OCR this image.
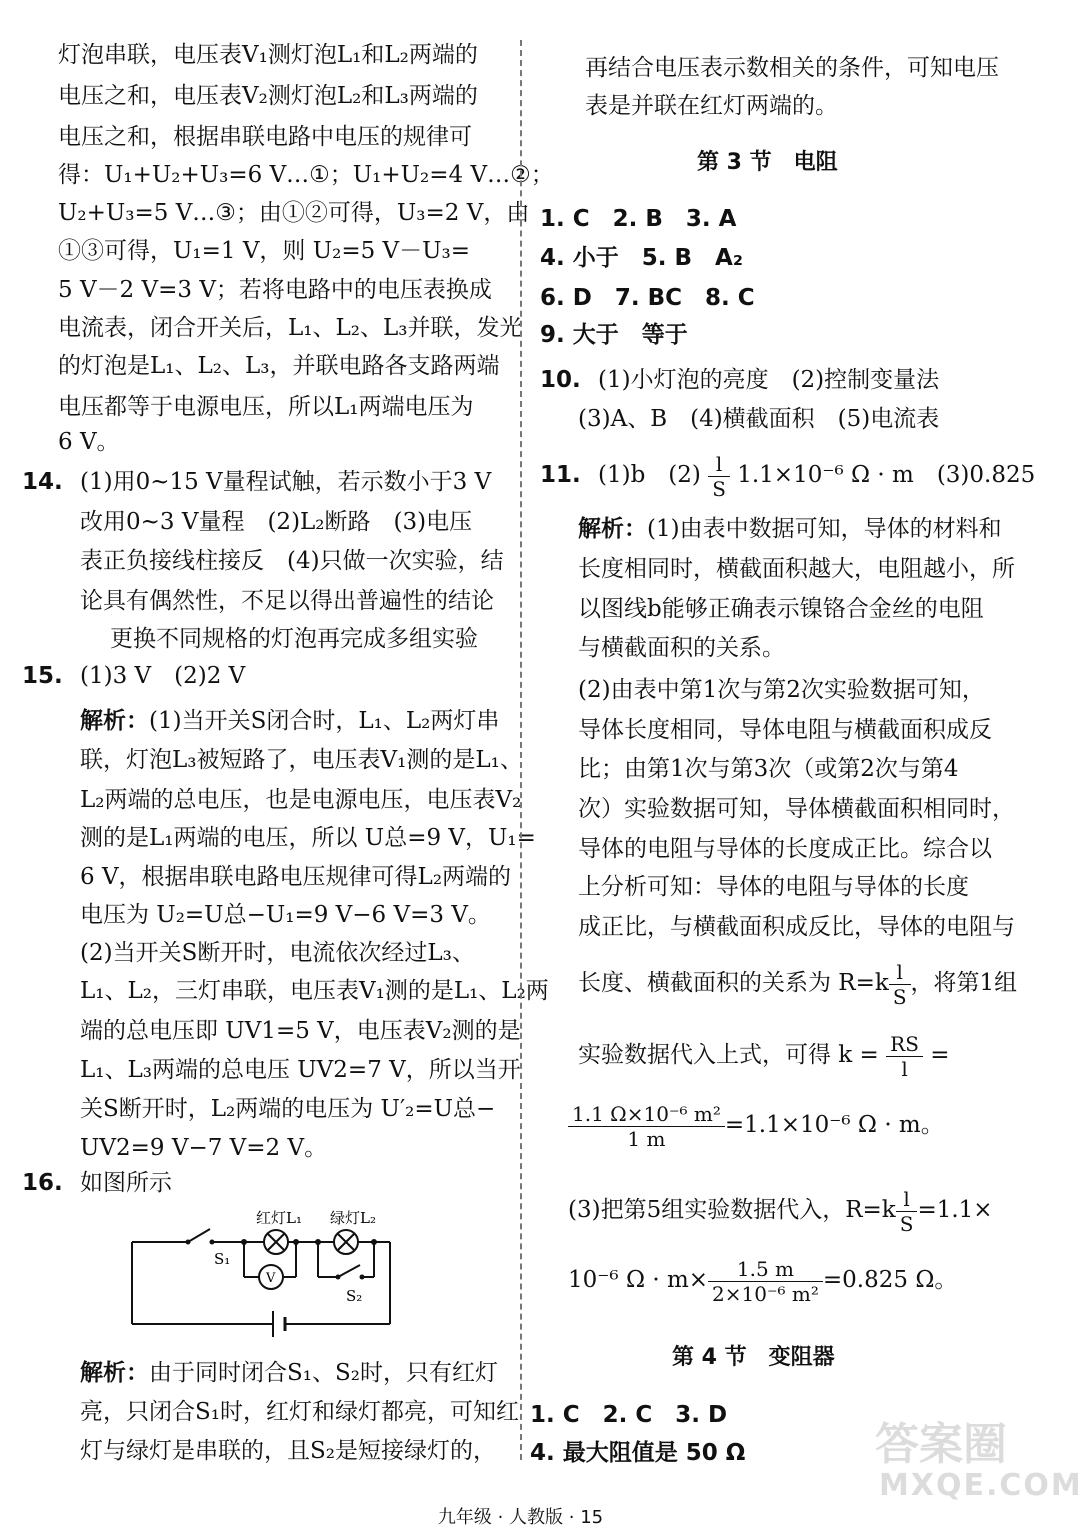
灯泡串联，电压表V₁测灯泡L₁和L₂两端的
电压之和，电压表V₂测灯泡L₂和L₃两端的
电压之和，根据串联电路中电压的规律可
得：U₁+U₂+U₃=6 V…①；U₁+U₂=4 V…②；
U₂+U₃=5 V…③；由①②可得，U₃=2 V，由
①③可得，U₁=1 V，则 U₂=5 V－U₃=
5 V－2 V=3 V；若将电路中的电压表换成
电流表，闭合开关后，L₁、L₂、L₃并联，发光
的灯泡是L₁、L₂、L₃，并联电路各支路两端
电压都等于电源电压，所以L₁两端电压为
6 V。
14. (1)用0~15 V量程试触，若示数小于3 V
改用0~3 V量程　(2)L₂断路　(3)电压
表正负接线柱接反　(4)只做一次实验，结
论具有偶然性，不足以得出普遍性的结论
更换不同规格的灯泡再完成多组实验
15. (1)3 V　(2)2 V
解析：(1)当开关S闭合时，L₁、L₂两灯串
联，灯泡L₃被短路了，电压表V₁测的是L₁、
L₂两端的总电压，也是电源电压，电压表V₂
测的是L₁两端的电压，所以 U总=9 V，U₁=
6 V，根据串联电路电压规律可得L₂两端的
电压为 U₂=U总−U₁=9 V−6 V=3 V。
(2)当开关S断开时，电流依次经过L₃、
L₁、L₂，三灯串联，电压表V₁测的是L₁、L₂两
端的总电压即 UV1=5 V，电压表V₂测的是
L₁、L₃两端的总电压 UV2=7 V，所以当开
关S断开时，L₂两端的电压为 U′₂=U总−
UV2=9 V−7 V=2 V。
16. 如图所示
红灯L₁ 绿灯L₂
S₁
S₂
V
解析：由于同时闭合S₁、S₂时，只有红灯
亮，只闭合S₁时，红灯和绿灯都亮，可知红
灯与绿灯是串联的，且S₂是短接绿灯的，
再结合电压表示数相关的条件，可知电压
表是并联在红灯两端的。
第 3 节　电阻
1. C　2. B　3. A
4. 小于　5. B　A₂
6. D　7. BC　8. C
9. 大于　等于
10. (1)小灯泡的亮度　(2)控制变量法
(3)A、B　(4)横截面积　(5)电流表
11. (1)b　$(2) \frac{l}{S} 1.1\times 10^{-6}$ Ω · m　(3)0.825
解析：(1)由表中数据可知，导体的材料和
长度相同时，横截面积越大，电阻越小，所
以图线b能够正确表示镍铬合金丝的电阻
与横截面积的关系。
(2)由表中第1次与第2次实验数据可知，
导体长度相同，导体电阻与横截面积成反
比；由第1次与第3次（或第2次与第4
次）实验数据可知，导体横截面积相同时，
导体的电阻与导体的长度成正比。综合以
上分析可知：导体的电阻与导体的长度
成正比，与横截面积成反比，导体的电阻与
长度、横截面积的关系为 $R=k \frac{l}{S}$ ，将第1组
实验数据代入上式，可得 $k = \frac{RS}{l}$ =
$\frac{\text{1.1 Ω×10⁻⁶ m²}}{1 m} =1.1\times 10^{-6}$ Ω · m。
(3)把第5组实验数据代入，$R=k \frac{l}{S} =1.1\times$
10⁻⁶ $\Omega \cdot m\times \frac{1.5 m}{\text{2×10⁻⁶ m²}} =0.825$ Ω。
第 4 节　变阻器
1. C　2. C　3. D
4. 最大阻值是 50 Ω	答案圈
MXQE.COM
九年级 · 人教版 · 15
